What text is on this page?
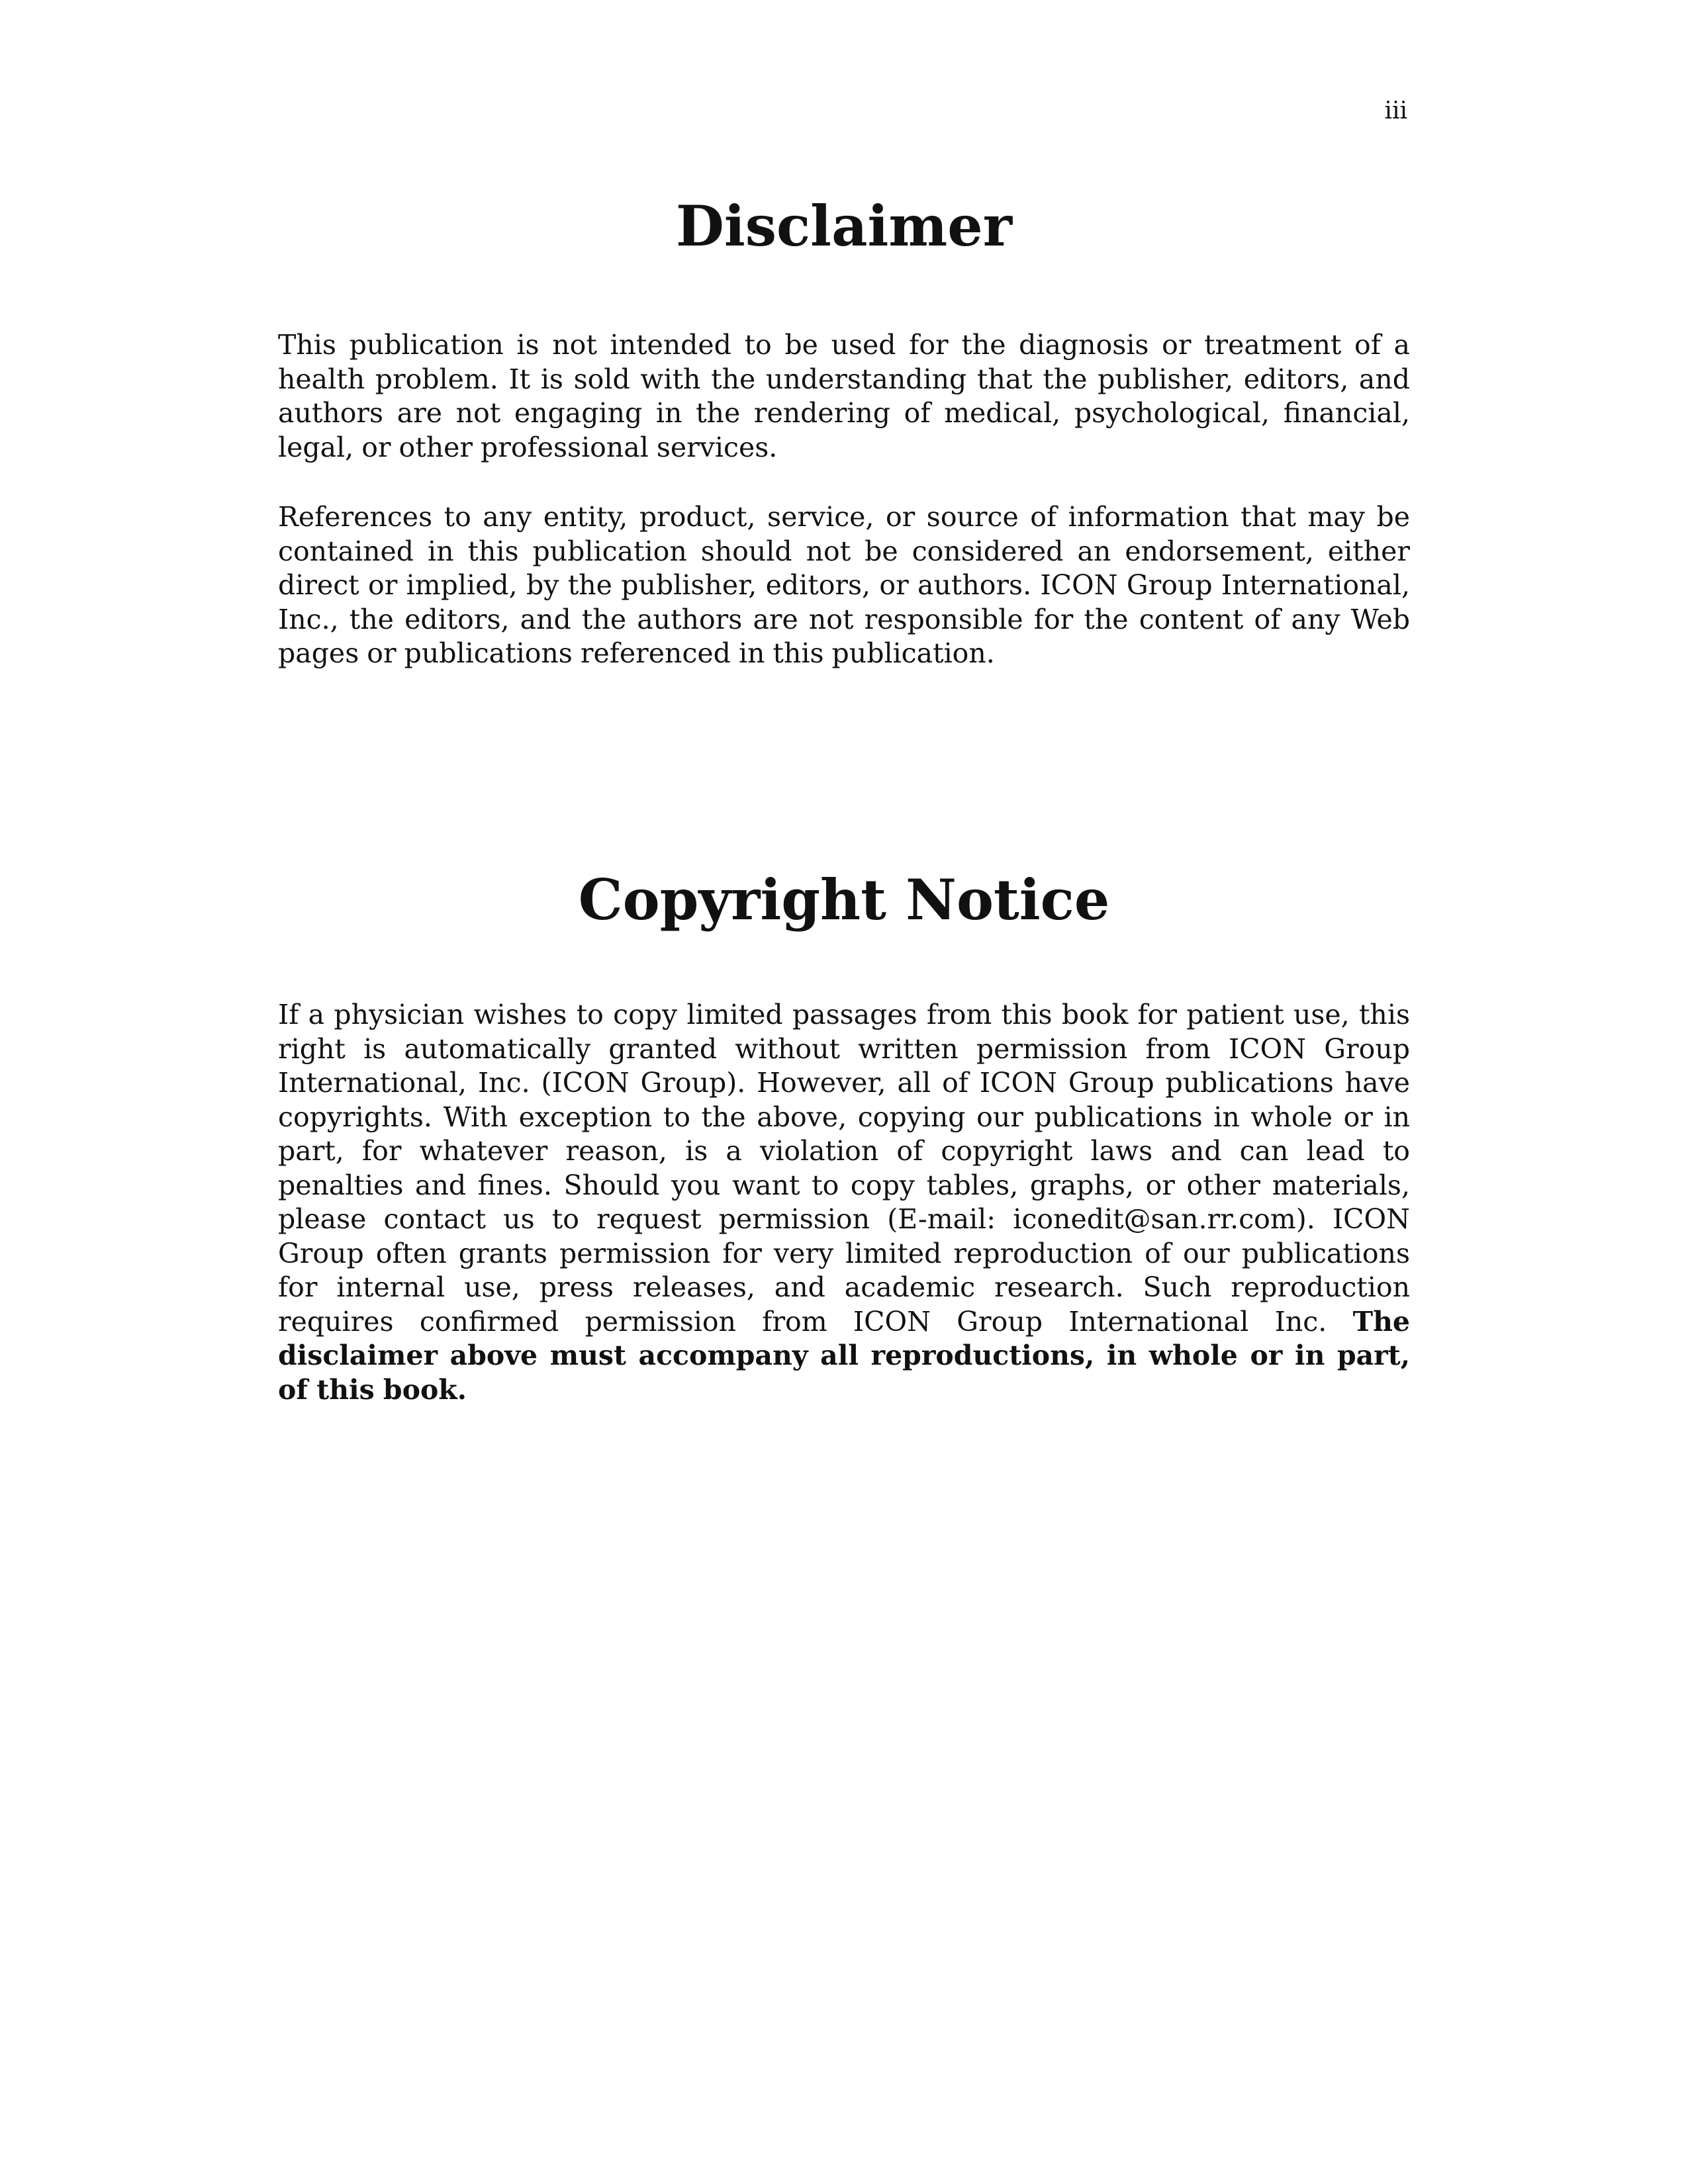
iii
Disclaimer

This publication is not intended to be used for the diagnosis or treatment of a health problem. It is sold with the understanding that the publisher, editors, and authors are not engaging in the rendering of medical, psychological, financial, legal, or other professional services.

References to any entity, product, service, or source of information that may be contained in this publication should not be considered an endorsement, either direct or implied, by the publisher, editors, or authors. ICON Group International, Inc., the editors, and the authors are not responsible for the content of any Web pages or publications referenced in this publication.

Copyright Notice

If a physician wishes to copy limited passages from this book for patient use, this right is automatically granted without written permission from ICON Group International, Inc. (ICON Group). However, all of ICON Group publications have copyrights. With exception to the above, copying our publications in whole or in part, for whatever reason, is a violation of copyright laws and can lead to penalties and fines. Should you want to copy tables, graphs, or other materials, please contact us to request permission (E-mail: iconedit@san.rr.com). ICON Group often grants permission for very limited reproduction of our publications for internal use, press releases, and academic research. Such reproduction requires confirmed permission from ICON Group International Inc. The disclaimer above must accompany all reproductions, in whole or in part, of this book.
